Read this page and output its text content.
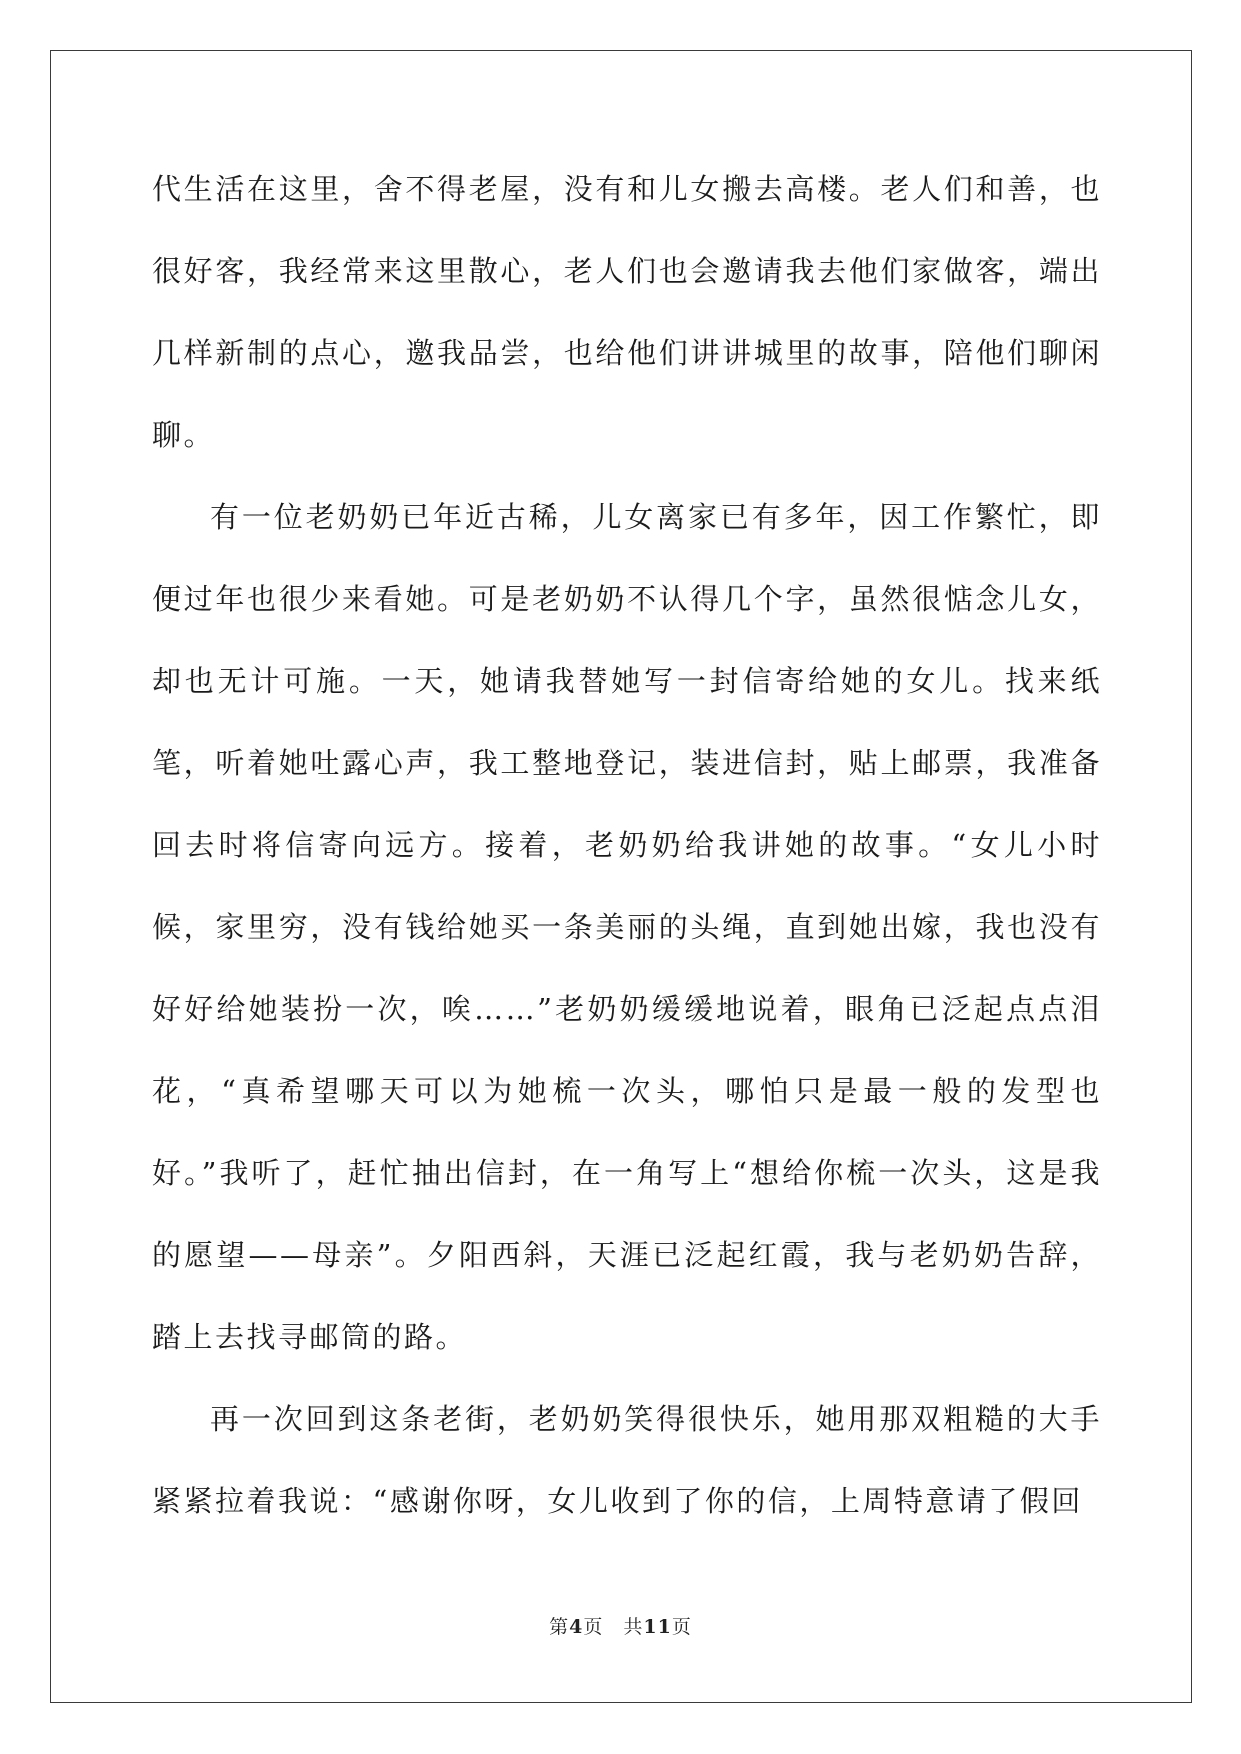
代生活在这里，舍不得老屋，没有和儿女搬去高楼。老人们和善，也很好客，我经常来这里散心，老人们也会邀请我去他们家做客，端出几样新制的点心，邀我品尝，也给他们讲讲城里的故事，陪他们聊闲聊。

有一位老奶奶已年近古稀，儿女离家已有多年，因工作繁忙，即便过年也很少来看她。可是老奶奶不认得几个字，虽然很惦念儿女，却也无计可施。一天，她请我替她写一封信寄给她的女儿。找来纸笔，听着她吐露心声，我工整地登记，装进信封，贴上邮票，我准备回去时将信寄向远方。接着，老奶奶给我讲她的故事。“女儿小时候，家里穷，没有钱给她买一条美丽的头绳，直到她出嫁，我也没有好好给她装扮一次，唉……”老奶奶缓缓地说着，眼角已泛起点点泪花，“真希望哪天可以为她梳一次头，哪怕只是最一般的发型也好。”我听了，赶忙抽出信封，在一角写上“想给你梳一次头，这是我的愿望——母亲”。夕阳西斜，天涯已泛起红霞，我与老奶奶告辞，踏上去找寻邮筒的路。

再一次回到这条老街，老奶奶笑得很快乐，她用那双粗糙的大手紧紧拉着我说：“感谢你呀，女儿收到了你的信，上周特意请了假回

第4页　共11页
